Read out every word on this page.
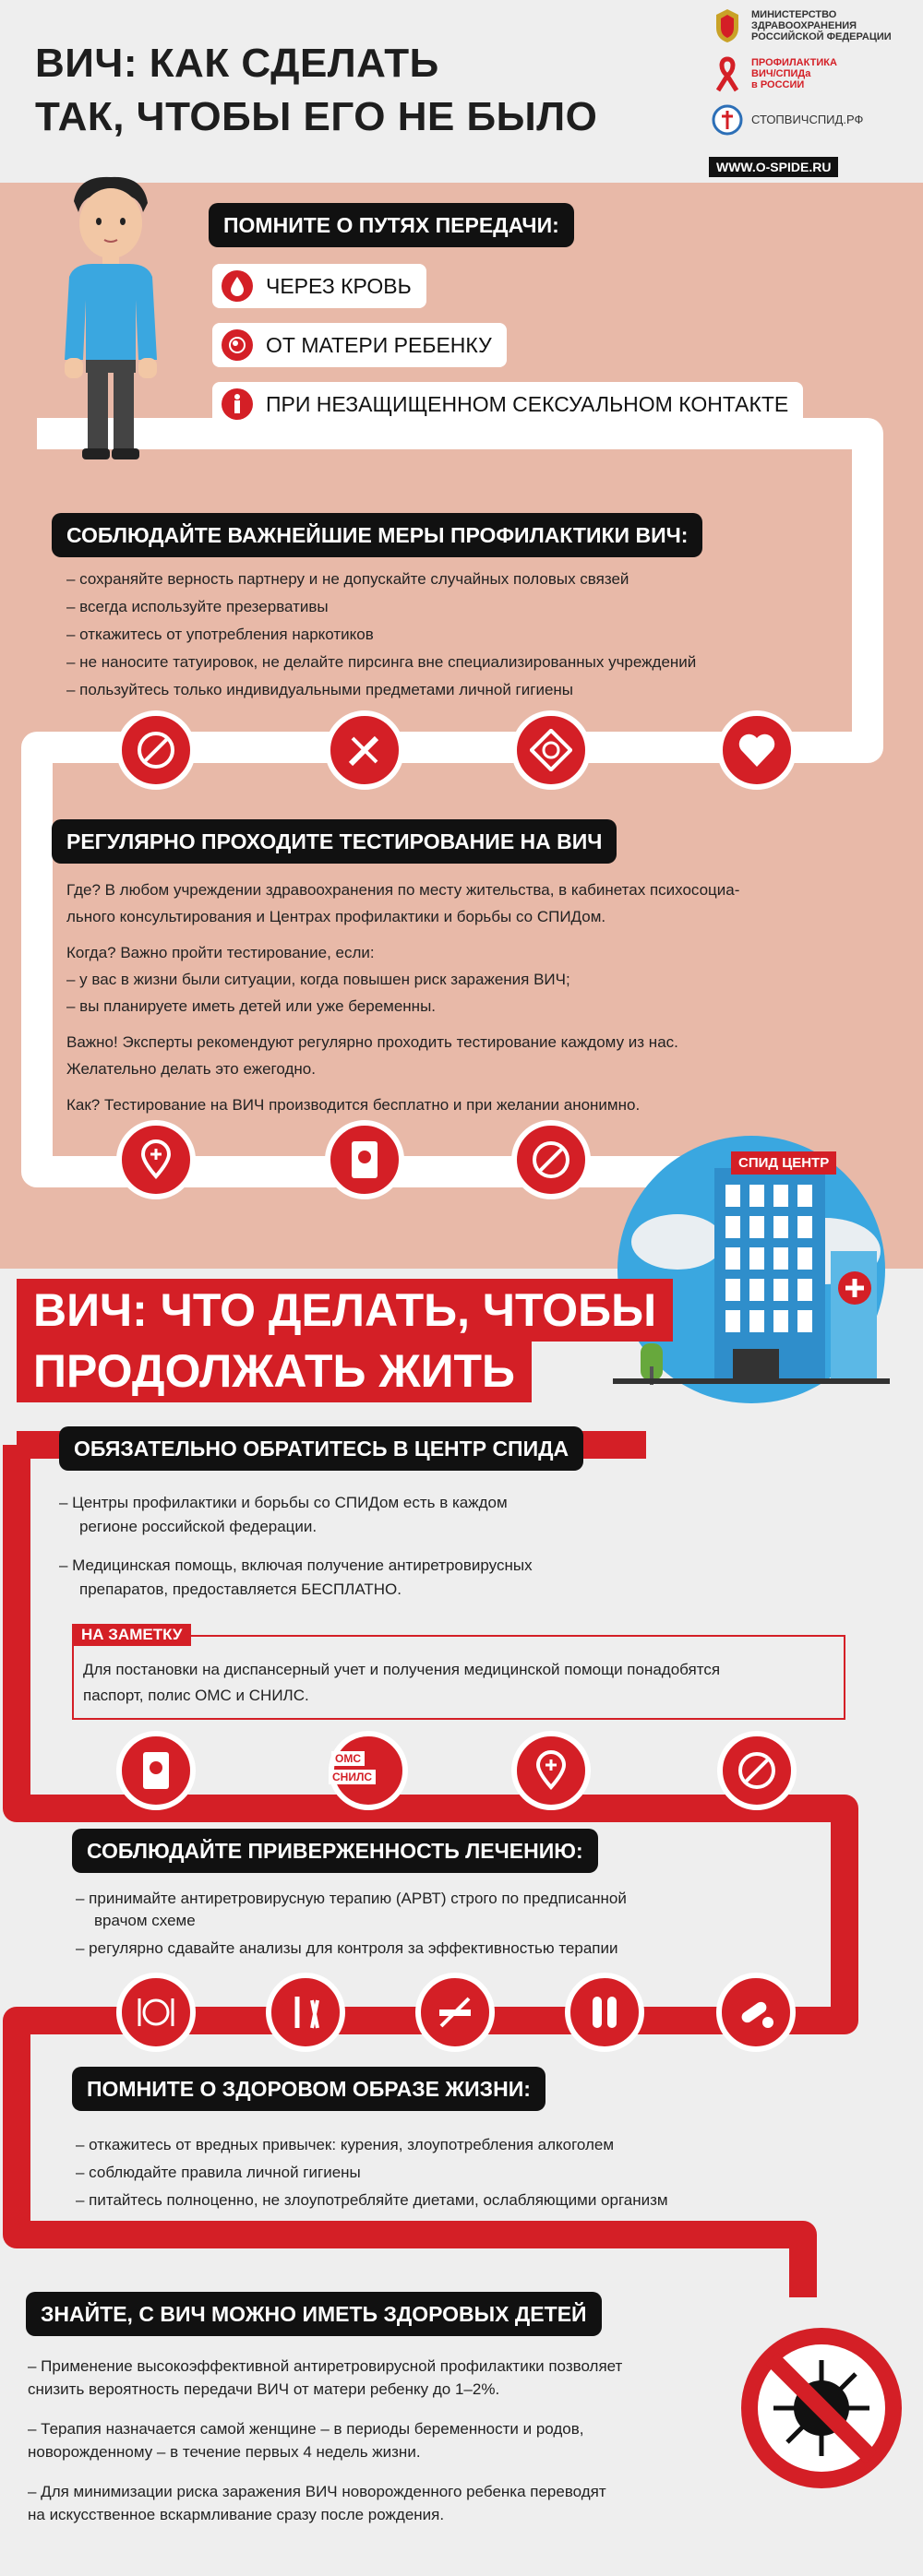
ВИЧ: КАК СДЕЛАТЬ
ТАК, ЧТОБЫ ЕГО НЕ БЫЛО
МИНИСТЕРСТВО
ЗДРАВООХРАНЕНИЯ
РОССИЙСКОЙ ФЕДЕРАЦИИ
ПРОФИЛАКТИКА
ВИЧ/СПИДа
в РОССИИ
СТОПВИЧСПИД.РФ
WWW.O-SPIDE.RU
ПОМНИТЕ О ПУТЯХ ПЕРЕДАЧИ:
ЧЕРЕЗ КРОВЬ
ОТ МАТЕРИ РЕБЕНКУ
ПРИ НЕЗАЩИЩЕННОМ СЕКСУАЛЬНОМ КОНТАКТЕ
СОБЛЮДАЙТЕ ВАЖНЕЙШИЕ МЕРЫ ПРОФИЛАКТИКИ ВИЧ:
– сохраняйте верность партнеру и не допускайте случайных половых связей
– всегда используйте презервативы
– откажитесь от употребления наркотиков
– не наносите татуировок, не делайте пирсинга вне специализированных учреждений
– пользуйтесь только индивидуальными предметами личной гигиены
РЕГУЛЯРНО ПРОХОДИТЕ ТЕСТИРОВАНИЕ НА ВИЧ

Где? В любом учреждении здравоохранения по месту жительства, в кабинетах психосоциа-
льного консультирования и Центрах профилактики и борьбы со СПИДом.

Когда? Важно пройти тестирование, если:
– у вас в жизни были ситуации, когда повышен риск заражения ВИЧ;
– вы планируете иметь детей или уже беременны.

Важно! Эксперты рекомендуют регулярно проходить тестирование каждому из нас.
Желательно делать это ежегодно.

Как? Тестирование на ВИЧ производится бесплатно и при желании анонимно.

СПИД ЦЕНТР
ВИЧ: ЧТО ДЕЛАТЬ, ЧТОБЫ
ПРОДОЛЖАТЬ ЖИТЬ
ОБЯЗАТЕЛЬНО ОБРАТИТЕСЬ В ЦЕНТР СПИДА
– Центры профилактики и борьбы со СПИДом есть в каждом
регионе российской федерации.
– Медицинская помощь, включая получение антиретровирусных
препаратов, предоставляется БЕСПЛАТНО.
НА ЗАМЕТКУ
Для постановки на диспансерный учет и получения медицинской помощи понадобятся
паспорт, полис ОМС и СНИЛС.
ОМС
СНИЛС
СОБЛЮДАЙТЕ ПРИВЕРЖЕННОСТЬ ЛЕЧЕНИЮ:
– принимайте антиретровирусную терапию (АРВТ) строго по предписанной
врачом схеме
– регулярно сдавайте анализы для контроля за эффективностью терапии
ПОМНИТЕ О ЗДОРОВОМ ОБРАЗЕ ЖИЗНИ:
– откажитесь от вредных привычек: курения, злоупотребления алкоголем
– соблюдайте правила личной гигиены
– питайтесь полноценно, не злоупотребляйте диетами, ослабляющими организм
ЗНАЙТЕ, С ВИЧ МОЖНО ИМЕТЬ ЗДОРОВЫХ ДЕТЕЙ
– Применение высокоэффективной антиретровирусной профилактики позволяет
снизить вероятность передачи ВИЧ от матери ребенку до 1–2%.
– Терапия назначается самой женщине – в периоды беременности и родов,
новорожденному – в течение первых 4 недель жизни.
– Для минимизации риска заражения ВИЧ новорожденного ребенка переводят
на искусственное вскармливание сразу после рождения.
